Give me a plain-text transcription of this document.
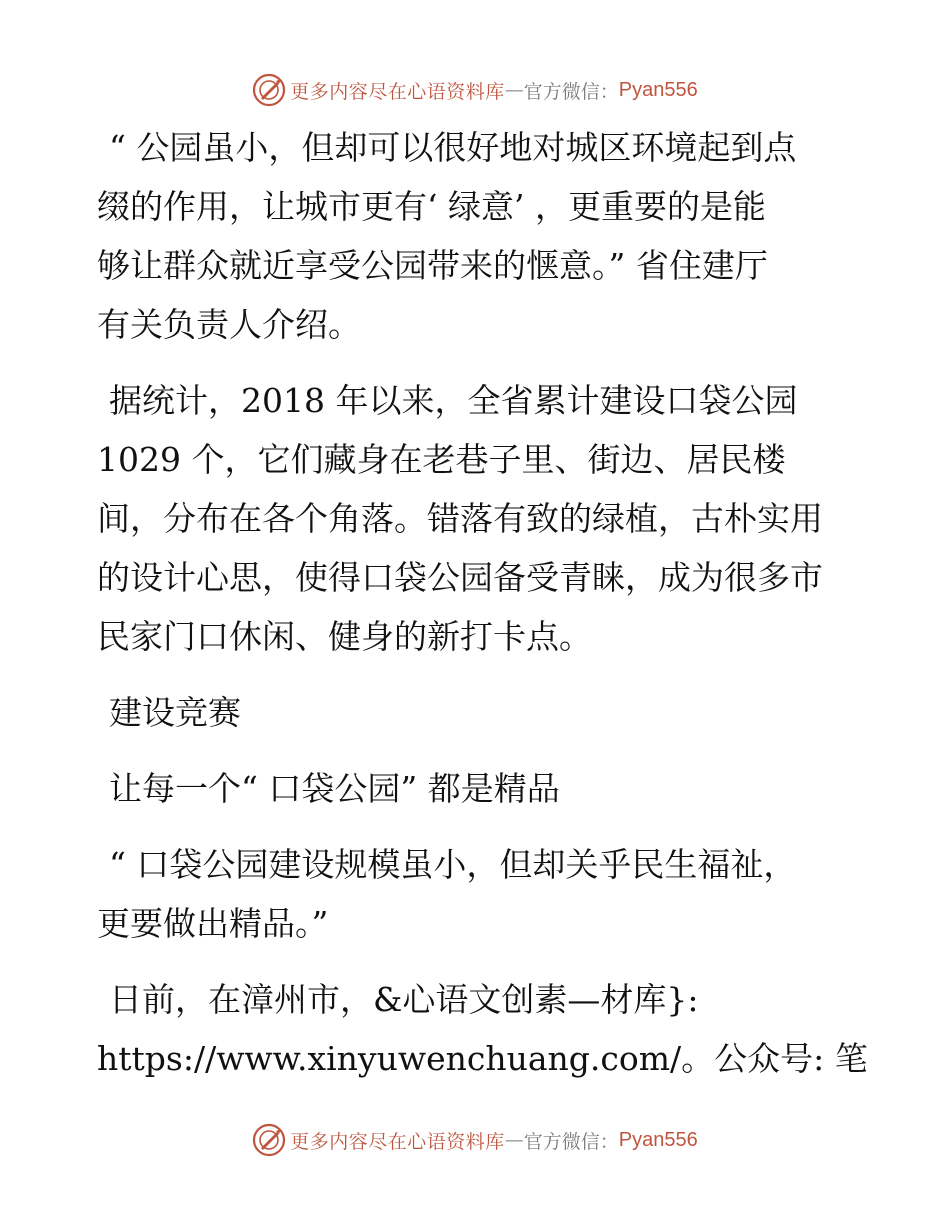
更多内容尽在心语资料库 — 官方微信： Pyan556

“ 公园虽小，但却可以很好地对城区环境起到点
缀的作用，让城市更有‘ 绿意’ ，更重要的是能
够让群众就近享受公园带来的惬意。” 省住建厅
有关负责人介绍。

据统计，2018 年以来，全省累计建设口袋公园
1029 个，它们藏身在老巷子里、街边、居民楼
间，分布在各个角落。错落有致的绿植，古朴实用
的设计心思，使得口袋公园备受青睐，成为很多市
民家门口休闲、健身的新打卡点。

建设竞赛

让每一个“ 口袋公园” 都是精品

“ 口袋公园建设规模虽小，但却关乎民生福祉，
更要做出精品。”

日前，在漳州市，&心语文创素—材库}:
https://www.xinyuwenchuang.com/。公众号: 笔

更多内容尽在心语资料库 — 官方微信： Pyan556
